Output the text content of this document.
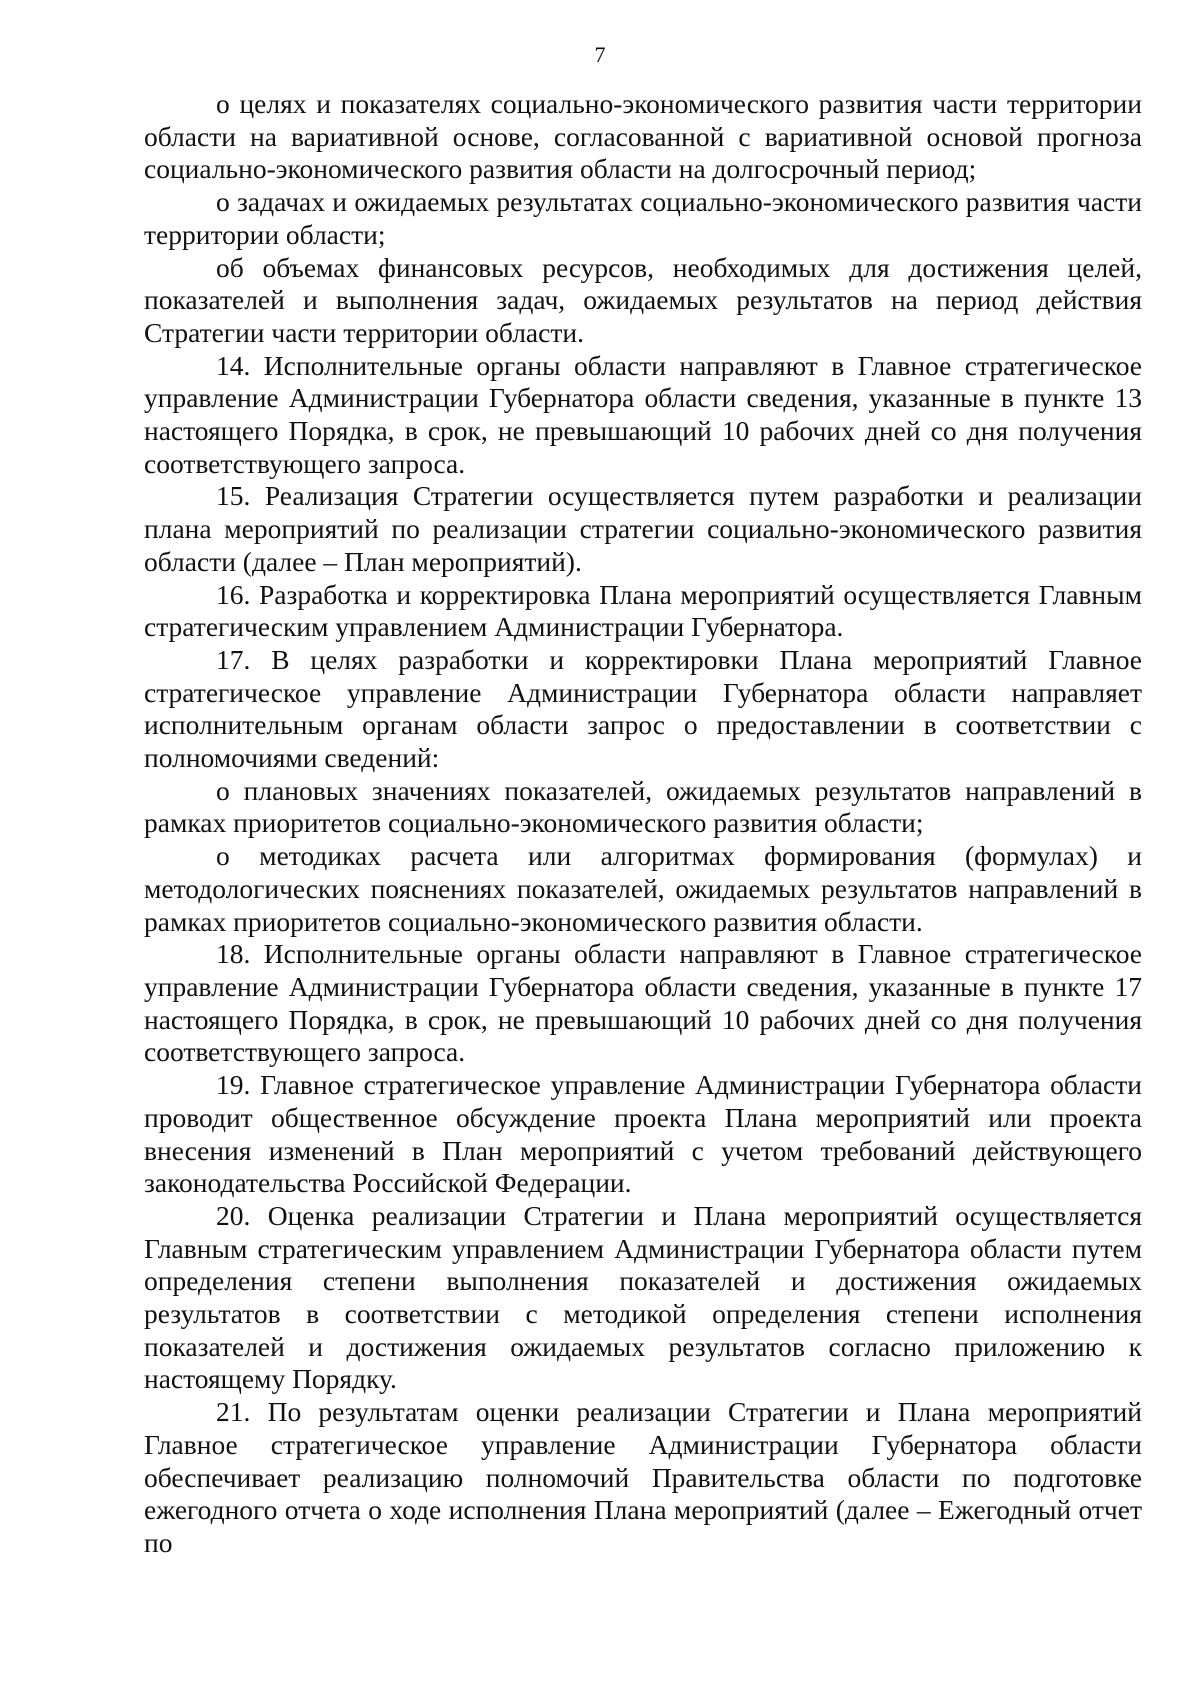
7

о целях и показателях социально-экономического развития части территории области на вариативной основе, согласованной с вариативной основой прогноза социально-экономического развития области на долгосрочный период;

о задачах и ожидаемых результатах социально-экономического развития части территории области;

об объемах финансовых ресурсов, необходимых для достижения целей, показателей и выполнения задач, ожидаемых результатов на период действия Стратегии части территории области.

14. Исполнительные органы области направляют в Главное стратегическое управление Администрации Губернатора области сведения, указанные в пункте 13 настоящего Порядка, в срок, не превышающий 10 рабочих дней со дня получения соответствующего запроса.

15. Реализация Стратегии осуществляется путем разработки и реализации плана мероприятий по реализации стратегии социально-экономического развития области (далее – План мероприятий).

16. Разработка и корректировка Плана мероприятий осуществляется Главным стратегическим управлением Администрации Губернатора.

17. В целях разработки и корректировки Плана мероприятий Главное стратегическое управление Администрации Губернатора области направляет исполнительным органам области запрос о предоставлении в соответствии с полномочиями сведений:

о плановых значениях показателей, ожидаемых результатов направлений в рамках приоритетов социально-экономического развития области;

о методиках расчета или алгоритмах формирования (формулах) и методологических пояснениях показателей, ожидаемых результатов направлений в рамках приоритетов социально-экономического развития области.

18. Исполнительные органы области направляют в Главное стратегическое управление Администрации Губернатора области сведения, указанные в пункте 17 настоящего Порядка, в срок, не превышающий 10 рабочих дней со дня получения соответствующего запроса.

19. Главное стратегическое управление Администрации Губернатора области проводит общественное обсуждение проекта Плана мероприятий или проекта внесения изменений в План мероприятий с учетом требований действующего законодательства Российской Федерации.

20. Оценка реализации Стратегии и Плана мероприятий осуществляется Главным стратегическим управлением Администрации Губернатора области путем определения степени выполнения показателей и достижения ожидаемых результатов в соответствии с методикой определения степени исполнения показателей и достижения ожидаемых результатов согласно приложению к настоящему Порядку.

21. По результатам оценки реализации Стратегии и Плана мероприятий Главное стратегическое управление Администрации Губернатора области обеспечивает реализацию полномочий Правительства области по подготовке ежегодного отчета о ходе исполнения Плана мероприятий (далее – Ежегодный отчет по
